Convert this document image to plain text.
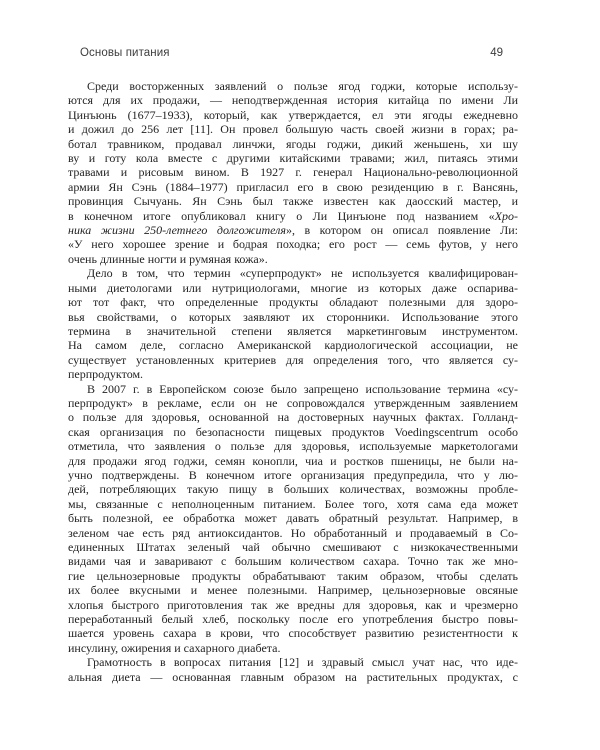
Основы питания	49
Среди восторженных заявлений о пользе ягод годжи, которые использу-
ются для их продажи, — неподтвержденная история китайца по имени Ли
Цинъюнь (1677–1933), который, как утверждается, ел эти ягоды ежедневно
и дожил до 256 лет [11]. Он провел большую часть своей жизни в горах; ра-
ботал травником, продавал линчжи, ягоды годжи, дикий женьшень, хи шу
ву и готу кола вместе с другими китайскими травами; жил, питаясь этими
травами и рисовым вином. В 1927 г. генерал Национально-революционной
армии Ян Сэнь (1884–1977) пригласил его в свою резиденцию в г. Вансянь,
провинция Сычуань. Ян Сэнь был также известен как даосский мастер, и
в конечном итоге опубликовал книгу о Ли Цинъюне под названием «Хро-
ника жизни 250-летнего долгожителя», в котором он описал появление Ли:
«У него хорошее зрение и бодрая походка; его рост — семь футов, у него
очень длинные ногти и румяная кожа».
Дело в том, что термин «суперпродукт» не используется квалифицирован-
ными диетологами или нутрициологами, многие из которых даже оспарива-
ют тот факт, что определенные продукты обладают полезными для здоро-
вья свойствами, о которых заявляют их сторонники. Использование этого
термина в значительной степени является маркетинговым инструментом.
На самом деле, согласно Американской кардиологической ассоциации, не
существует установленных критериев для определения того, что является су-
перпродуктом.
В 2007 г. в Европейском союзе было запрещено использование термина «су-
перпродукт» в рекламе, если он не сопровождался утвержденным заявлением
о пользе для здоровья, основанной на достоверных научных фактах. Голланд-
ская организация по безопасности пищевых продуктов Voedingscentrum особо
отметила, что заявления о пользе для здоровья, используемые маркетологами
для продажи ягод годжи, семян конопли, чиа и ростков пшеницы, не были на-
учно подтверждены. В конечном итоге организация предупредила, что у лю-
дей, потребляющих такую пищу в больших количествах, возможны пробле-
мы, связанные с неполноценным питанием. Более того, хотя сама еда может
быть полезной, ее обработка может давать обратный результат. Например, в
зеленом чае есть ряд антиоксидантов. Но обработанный и продаваемый в Со-
единенных Штатах зеленый чай обычно смешивают с низкокачественными
видами чая и заваривают с большим количеством сахара. Точно так же мно-
гие цельнозерновые продукты обрабатывают таким образом, чтобы сделать
их более вкусными и менее полезными. Например, цельнозерновые овсяные
хлопья быстрого приготовления так же вредны для здоровья, как и чрезмерно
переработанный белый хлеб, поскольку после его употребления быстро повы-
шается уровень сахара в крови, что способствует развитию резистентности к
инсулину, ожирения и сахарного диабета.
Грамотность в вопросах питания [12] и здравый смысл учат нас, что иде-
альная диета — основанная главным образом на растительных продуктах, с
